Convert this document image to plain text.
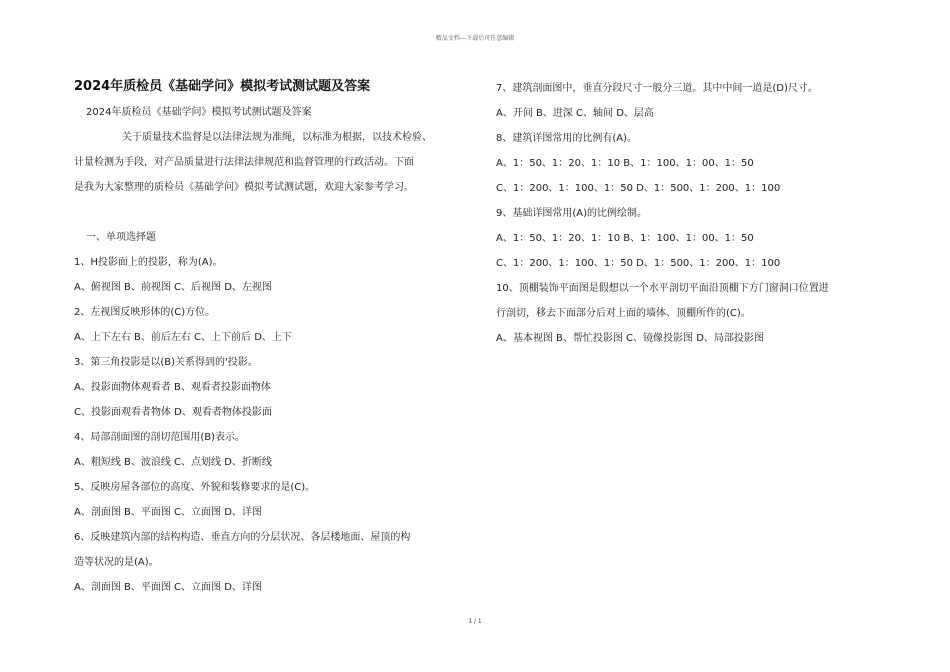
精品文档---下载后可任意编辑
2024年质检员《基础学问》模拟考试测试题及答案
2024年质检员《基础学问》模拟考试测试题及答案
关于质量技术监督是以法律法规为准绳，以标准为根据，以技术检验、
计量检测为手段，对产品质量进行法律法律规范和监督管理的行政活动。下面
是我为大家整理的质检员《基础学问》模拟考试测试题，欢迎大家参考学习。
一、单项选择题
1、H投影面上的投影，称为(A)。
A、俯视图 B、前视图 C、后视图 D、左视图
2、左视图反映形体的(C)方位。
A、上下左右 B、前后左右 C、上下前后 D、上下
3、第三角投影是以(B)关系得到的'投影。
A、投影面物体观看者 B、观看者投影面物体
C、投影面观看者物体 D、观看者物体投影面
4、局部剖面图的剖切范围用(B)表示。
A、粗短线 B、波浪线 C、点划线 D、折断线
5、反映房屋各部位的高度、外貌和装修要求的是(C)。
A、剖面图 B、平面图 C、立面图 D、详图
6、反映建筑内部的结构构造、垂直方向的分层状况、各层楼地面、屋顶的构
造等状况的是(A)。
A、剖面图 B、平面图 C、立面图 D、详图
7、建筑剖面图中，垂直分段尺寸一般分三道。其中中间一道是(D)尺寸。
A、开间 B、进深 C、轴间 D、层高
8、建筑详图常用的比例有(A)。
A、1：50、1：20、1：10 B、1：100、1：00、1：50
C、1：200、1：100、1：50 D、1：500、1：200、1：100
9、基础详图常用(A)的比例绘制。
A、1：50、1：20、1：10 B、1：100、1：00、1：50
C、1：200、1：100、1：50 D、1：500、1：200、1：100
10、顶棚装饰平面图是假想以一个水平剖切平面沿顶棚下方门窗洞口位置进
行剖切，移去下面部分后对上面的墙体、顶棚所作的(C)。
A、基本视图 B、帮忙投影图 C、镜像投影图 D、局部投影图
1 / 1
